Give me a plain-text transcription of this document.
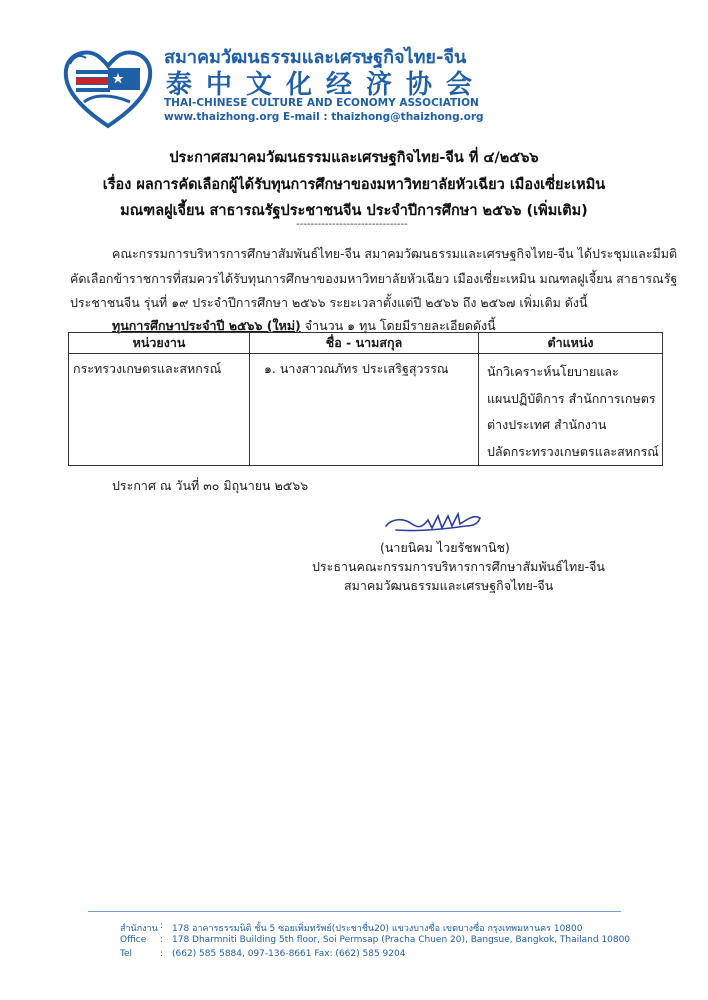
สมาคมวัฒนธรรมและเศรษฐกิจไทย-จีน
泰中文化经济协会
THAI-CHINESE CULTURE AND ECONOMY ASSOCIATION
www.thaizhong.org E-mail : thaizhong@thaizhong.org
ประกาศสมาคมวัฒนธรรมและเศรษฐกิจไทย-จีน ที่ ๔/๒๕๖๖
เรื่อง ผลการคัดเลือกผู้ได้รับทุนการศึกษาของมหาวิทยาลัยหัวเฉียว เมืองเซี่ยะเหมิน
มณฑลฝูเจี้ยน สาธารณรัฐประชาชนจีน ประจำปีการศึกษา ๒๕๖๖ (เพิ่มเติม)
-------------------------------
คณะกรรมการบริหารการศึกษาสัมพันธ์ไทย-จีน สมาคมวัฒนธรรมและเศรษฐกิจไทย-จีน ได้ประชุมและมีมติ
คัดเลือกข้าราชการที่สมควรได้รับทุนการศึกษาของมหาวิทยาลัยหัวเฉียว เมืองเซี่ยะเหมิน มณฑลฝูเจี้ยน สาธารณรัฐ
ประชาชนจีน รุ่นที่ ๑๙ ประจำปีการศึกษา ๒๕๖๖ ระยะเวลาตั้งแต่ปี ๒๕๖๖ ถึง ๒๕๖๗ เพิ่มเติม ดังนี้
ทุนการศึกษาประจำปี ๒๕๖๖ (ใหม่) จำนวน ๑ ทุน โดยมีรายละเอียดดังนี้
หน่วยงาน	ชื่อ - นามสกุล	ตำแหน่ง

กระทรวงเกษตรและสหกรณ์	๑. นางสาวณภัทร ประเสริฐสุวรรณ	นักวิเคราะห์นโยบายและ
แผนปฏิบัติการ สำนักการเกษตร
ต่างประเทศ สำนักงาน
ปลัดกระทรวงเกษตรและสหกรณ์
ประกาศ ณ วันที่ ๓๐ มิถุนายน ๒๕๖๖
(นายนิคม ไวยรัชพานิช)
ประธานคณะกรรมการบริหารการศึกษาสัมพันธ์ไทย-จีน
สมาคมวัฒนธรรมและเศรษฐกิจไทย-จีน
สำนักงาน : 178 อาคารธรรมนิติ ชั้น 5 ซอยเพิ่มทรัพย์(ประชาชื่น20) แขวงบางซื่อ เขตบางซื่อ กรุงเทพมหานคร 10800
Office : 178 Dharmniti Building 5th floor, Soi Permsap (Pracha Chuen 20), Bangsue, Bangkok, Thailand 10800
Tel	: (662) 585 5884, 097-136-8661 Fax: (662) 585 9204
